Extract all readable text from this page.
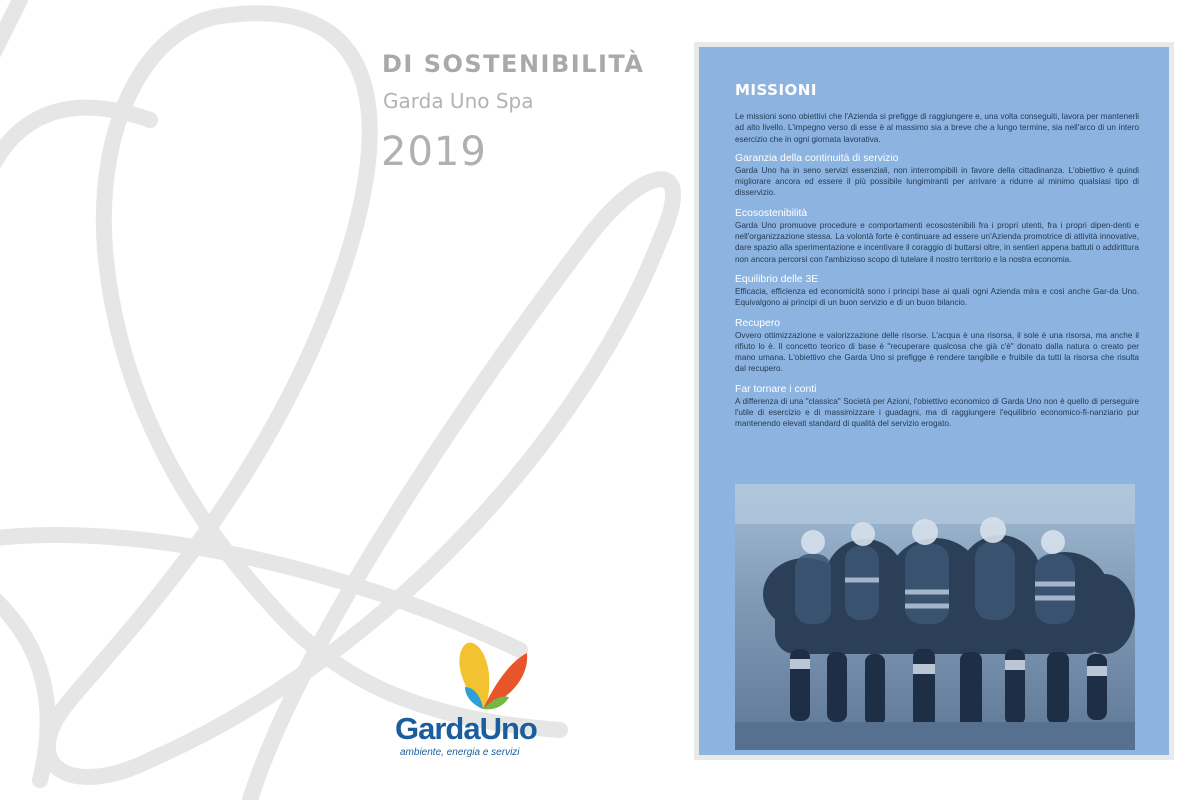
DI SOSTENIBILITÀ
Garda Uno Spa
2019
GardaUno
ambiente, energia e servizi
MISSIONI

Le missioni sono obiettivi che l'Azienda si prefigge di raggiungere e, una volta conseguiti, lavora per mantenerli ad alto livello. L'impegno verso di esse è al massimo sia a breve che a lungo termine, sia nell'arco di un intero esercizio che in ogni giornata lavorativa.

Garanzia della continuità di servizio

Garda Uno ha in seno servizi essenziali, non interrompibili in favore della cittadinanza. L'obiettivo è quindi migliorare ancora ed essere il più possibile lungimiranti per arrivare a ridurre al minimo qualsiasi tipo di disservizio.

Ecosostenibilità

Garda Uno promuove procedure e comportamenti ecosostenibili fra i propri utenti, fra i propri dipen-denti e nell'organizzazione stessa. La volontà forte è continuare ad essere un'Azienda promotrice di attività innovative, dare spazio alla sperimentazione e incentivare il coraggio di buttarsi oltre, in sentieri appena battuti o addirittura non ancora percorsi con l'ambizioso scopo di tutelare il nostro territorio e la nostra economia.

Equilibrio delle 3E

Efficacia, efficienza ed economicità sono i principi base ai quali ogni Azienda mira e così anche Gar-da Uno. Equivalgono ai principi di un buon servizio e di un buon bilancio.

Recupero

Ovvero ottimizzazione e valorizzazione delle risorse. L'acqua è una risorsa, il sole è una risorsa, ma anche il rifiuto lo è. Il concetto teorico di base è "recuperare qualcosa che già c'è" donato dalla natura o creato per mano umana. L'obiettivo che Garda Uno si prefigge è rendere tangibile e fruibile da tutti la risorsa che risulta dal recupero.

Far tornare i conti

A differenza di una "classica" Società per Azioni, l'obiettivo economico di Garda Uno non è quello di perseguire l'utile di esercizio e di massimizzare i guadagni, ma di raggiungere l'equilibrio economico-fi-nanziario pur mantenendo elevati standard di qualità del servizio erogato.
